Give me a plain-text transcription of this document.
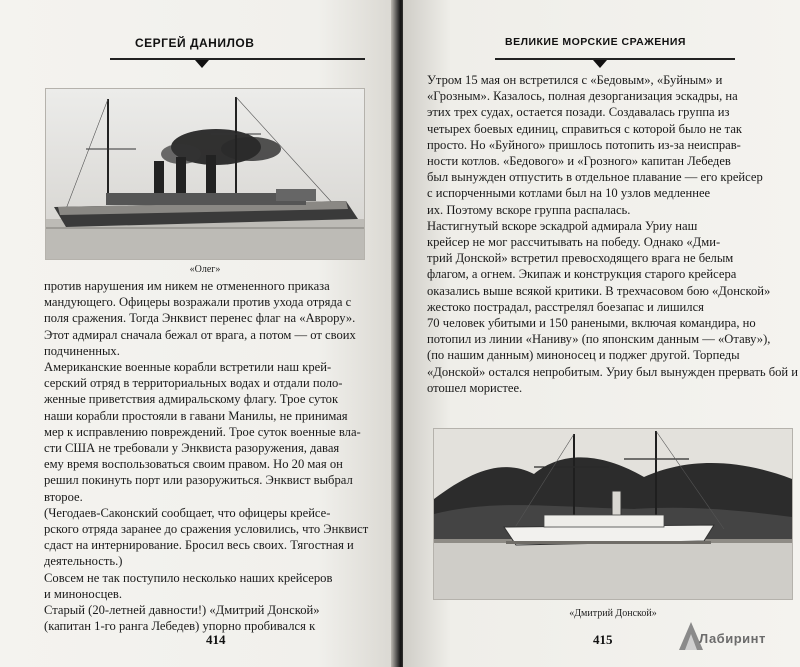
СЕРГЕЙ ДАНИЛОВ
«Олег»

против нарушения им никем не отмененного приказа

мандующего. Офицеры возражали против ухода отряда с

поля сражения. Тогда Энквист перенес флаг на «Аврору».

Этот адмирал сначала бежал от врага, а потом — от своих

подчиненных.

Американские военные корабли встретили наш крей-

серский отряд в территориальных водах и отдали поло-

женные приветствия адмиральскому флагу. Трое суток

наши корабли простояли в гавани Манилы, не принимая

мер к исправлению повреждений. Трое суток военные вла-

сти США не требовали у Энквиста разоружения, давая

ему время воспользоваться своим правом. Но 20 мая он

решил покинуть порт или разоружиться. Энквист выбрал

второе.

(Чегодаев-Саконский сообщает, что офицеры крейсе-

рского отряда заранее до сражения условились, что Энквист

сдаст на интернирование. Бросил весь своих. Тягостная и

деятельность.)

Совсем не так поступило несколько наших крейсеров

и миноносцев.

Старый (20-летней давности!) «Дмитрий Донской»

(капитан 1-го ранга Лебедев) упорно пробивался к

414
ВЕЛИКИЕ МОРСКИЕ СРАЖЕНИЯ

Утром 15 мая он встретился с «Бедовым», «Буйным» и

«Грозным». Казалось, полная дезорганизация эскадры, на

этих трех судах, остается позади. Создавалась группа из

четырех боевых единиц, справиться с которой было не так

просто. Но «Буйного» пришлось потопить из-за неисправ-

ности котлов. «Бедового» и «Грозного» капитан Лебедев

был вынужден отпустить в отдельное плавание — его крейсер

с испорченными котлами был на 10 узлов медленнее

их. Поэтому вскоре группа распалась.

Настигнутый вскоре эскадрой адмирала Уриу наш

крейсер не мог рассчитывать на победу. Однако «Дми-

трий Донской» встретил превосходящего врага не белым

флагом, а огнем. Экипаж и конструкция старого крейсера

оказались выше всякой критики. В трехчасовом бою «Донской»

жестоко пострадал, расстрелял боезапас и лишился

70 человек убитыми и 150 ранеными, включая командира, но

потопил из линии «Наниву» (по японским данным — «Отаву»),

(по нашим данным) миноносец и поджег другой. Торпеды

«Донской» остался непробитым. Уриу был вынужден прервать бой и

отошел мористее.

«Дмитрий Донской»
415	Лабиринт
